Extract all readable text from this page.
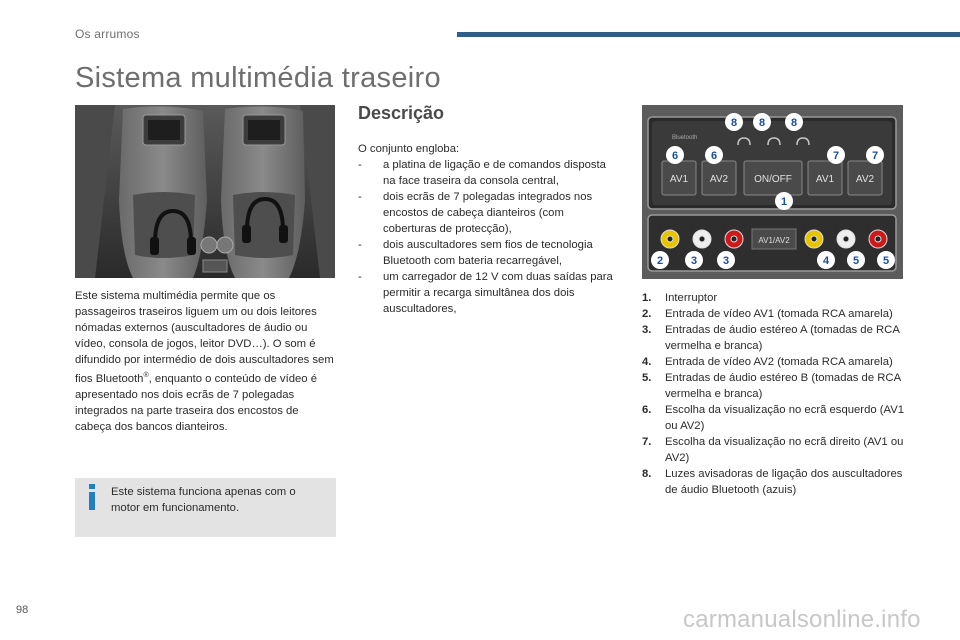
Os arrumos
Sistema multimédia traseiro

Este sistema multimédia permite que os passageiros traseiros liguem um ou dois leitores nómadas externos (auscultadores de áudio ou vídeo, consola de jogos, leitor DVD…). O som é difundido por intermédio de dois auscultadores sem fios Bluetooth®, enquanto o conteúdo de vídeo é apresentado nos dois ecrãs de 7 polegadas integrados na parte traseira dos encostos de cabeça dos bancos dianteiros.

Este sistema funciona apenas com o motor em funcionamento.

Descrição

O conjunto engloba:

- a platina de ligação e de comandos disposta na face traseira da consola central,
- dois ecrãs de 7 polegadas integrados nos encostos de cabeça dianteiros (com coberturas de protecção),
- dois auscultadores sem fios de tecnologia Bluetooth com bateria recarregável,
- um carregador de 12 V com duas saídas para permitir a recarga simultânea dos dois auscultadores,
Bluetooth
AV1 AV2	ON/OFF AV1 AV2
AV1/AV2
8 8 8
6	6	7	7
1
2	3 3	4 5 5
1. Interruptor
2. Entrada de vídeo AV1 (tomada RCA amarela)
3. Entradas de áudio estéreo A (tomadas de RCA vermelha e branca)
4. Entrada de vídeo AV2 (tomada RCA amarela)
5. Entradas de áudio estéreo B (tomadas de RCA vermelha e branca)
6. Escolha da visualização no ecrã esquerdo (AV1 ou AV2)
7. Escolha da visualização no ecrã direito (AV1 ou AV2)
8. Luzes avisadoras de ligação dos auscultadores de áudio Bluetooth (azuis)
98	carmanualsonline.info
